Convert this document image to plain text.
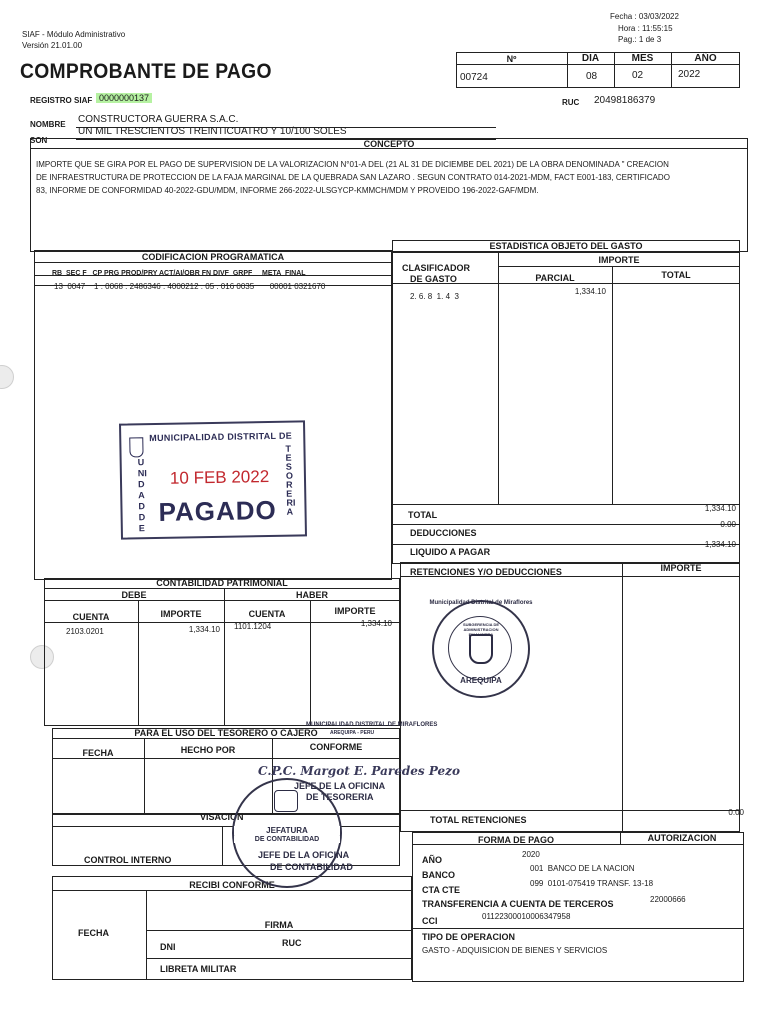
SIAF - Módulo Administrativo
Versión 21.01.00
Fecha : 03/03/2022
Hora : 11:55:15
Pag.: 1 de 3
COMPROBANTE DE PAGO
REGISTRO SIAF 0000000137
Nº	DIA	MES	AÑO
00724	08	02	2022
RUC 20498186379
NOMBRE CONSTRUCTORA GUERRA S.A.C.
SON
UN MIL TRESCIENTOS TREINTICUATRO Y 10/100 SOLES
CONCEPTO
IMPORTE QUE SE GIRA POR EL PAGO DE SUPERVISION DE LA VALORIZACION N°01-A DEL (21 AL 31 DE DICIEMBE DEL 2021) DE LA OBRA DENOMINADA " CREACION
DE INFRAESTRUCTURA DE PROTECCION DE LA FAJA MARGINAL DE LA QUEBRADA SAN LAZARO . SEGUN CONTRATO 014-2021-MDM, FACT E001-183, CERTIFICADO
83, INFORME DE CONFORMIDAD 40-2022-GDU/MDM, INFORME 266-2022-ULSGYCP-KMMCH/MDM Y PROVEIDO 196-2022-GAF/MDM.
CODIFICACION PROGRAMATICA
RB  SEC F   CP PRG PROD/PRY ACT/AI/OBR FN DIVF  GRPF     META  FINAL
13  0047    1 . 0068 . 2486346 . 4000212 . 05 . 016 0035       00001 0321670
ESTADISTICA OBJETO DEL GASTO
CLASIFICADOR
DE GASTO
IMPORTE
PARCIAL	TOTAL
2. 6. 8  1. 4  3
1,334.10
TOTAL
1,334.10
DEDUCCIONES
0.00
LIQUIDO A PAGAR
1,334.10
MUNICIPALIDAD DISTRITAL DE
UNIDAD DE
TESORERIA
10 FEB 2022
PAGADO
CONTABILIDAD PATRIMONIAL
DEBE	HABER
CUENTA	IMPORTE	CUENTA	IMPORTE
2103.0201	1,334.10 1101.1204	1,334.10
RETENCIONES Y/O DEDUCCIONES	IMPORTE
TOTAL RETENCIONES
0.00
Municipalidad Distrital de Miraflores
SUBGERENCIA DE ADMINISTRACION FINANCIERA
AREQUIPA
PARA EL USO DEL TESORERO O CAJERO
FECHA	HECHO POR	CONFORME
VISACION
CONTROL INTERNO
RECIBI CONFORME
FIRMA
FECHA
DNI	RUC
LIBRETA MILITAR
MUNICIPALIDAD DISTRITAL DE MIRAFLORES
AREQUIPA - PERU
C.P.C. Margot E. Paredes Pezo
JEFE DE LA OFICINA
DE TESORERIA
JEFATURA
DE CONTABILIDAD
JEFE DE LA OFICINA
DE CONTABILIDAD
FORMA DE PAGO	AUTORIZACION
AÑO
2020
BANCO
001  BANCO DE LA NACION
CTA CTE
099  0101-075419 TRANSF. 13-18
TRANSFERENCIA A CUENTA DE TERCEROS	22000666
CCI	01122300010006347958
TIPO DE OPERACION
GASTO - ADQUISICION DE BIENES Y SERVICIOS
